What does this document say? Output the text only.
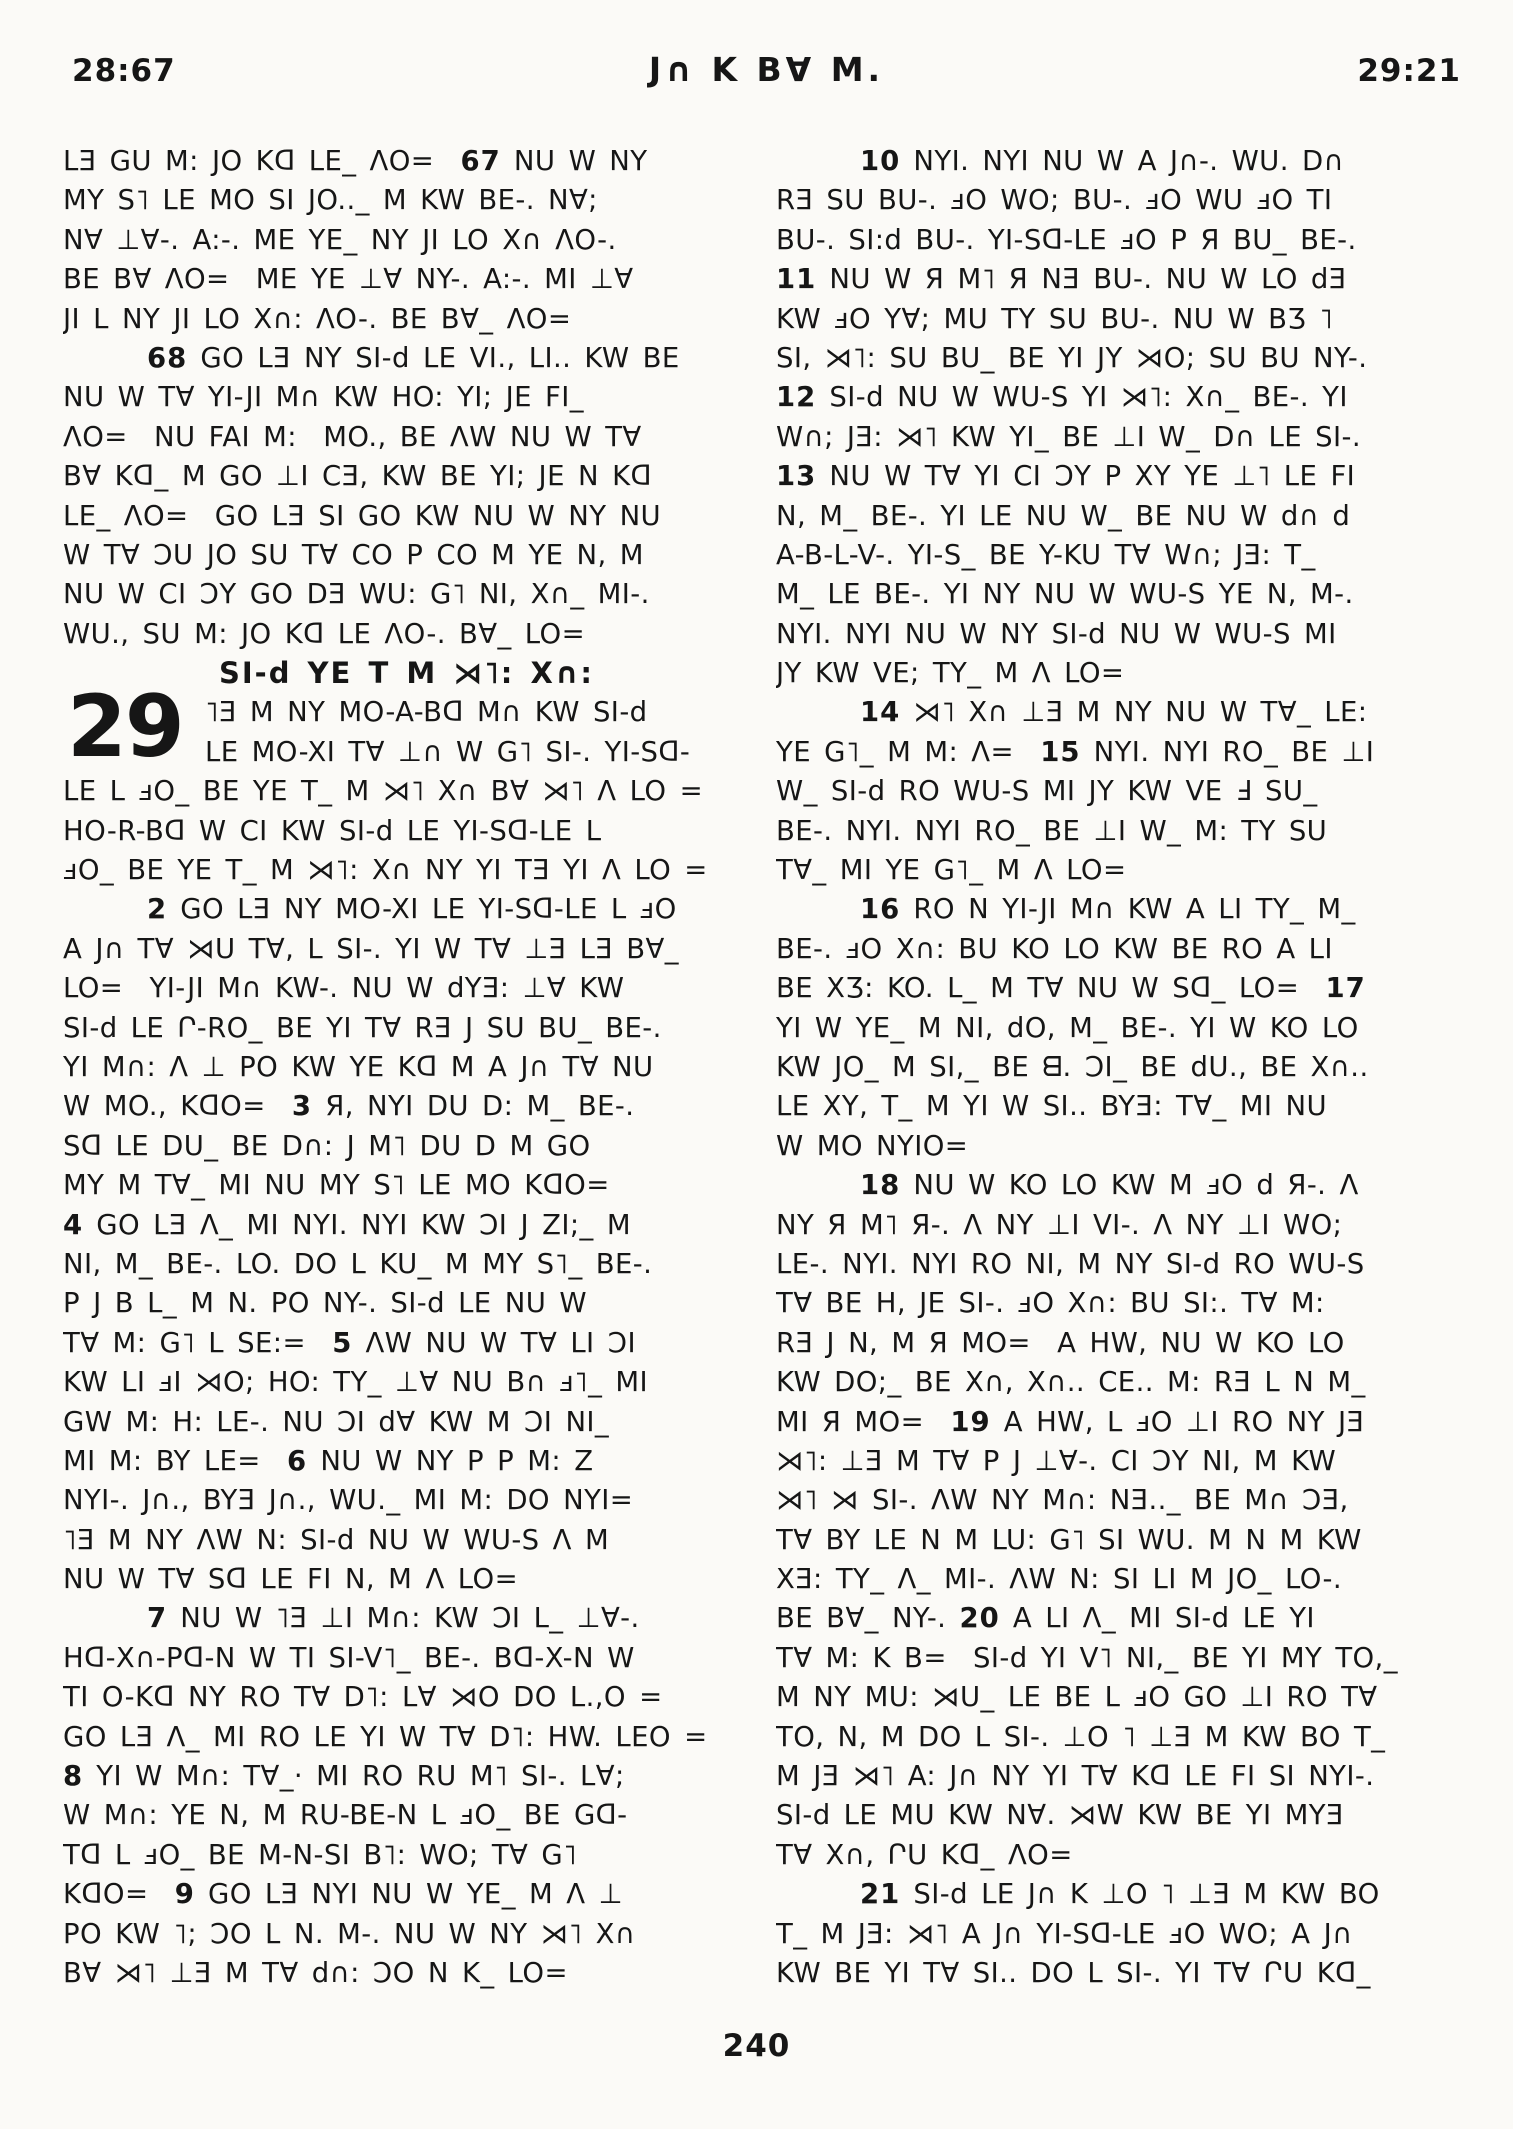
28:67	J∩ K B∀ M.	29:21
29
LƎ GU M: JO Kᗡ LE_ ΛO=  67 NU W NY
MY S˥ LE MO SI JO.._ M KW BE-. N∀;
N∀ ⊥∀-. A:-. ME YE_ NY JI LO X∩ ΛO-.
BE B∀ ΛO=  ME YE ⊥∀ NY-. A:-. MI ⊥∀
JI L NY JI LO X∩: ΛO-. BE B∀_ ΛO=
68 GO LƎ NY SI-d LE VI., LI.. KW BE
NU W T∀ YI-JI M∩ KW HO: YI; JE FI_
ΛO=  NU FAI M:  MO., BE ΛW NU W T∀
B∀ Kᗡ_ M GO ⊥I CƎ, KW BE YI; JE N Kᗡ
LE_ ΛO=  GO LƎ SI GO KW NU W NY NU
W T∀ ƆU JO SU T∀ CO P CO M YE N, M
NU W CI ƆY GO DƎ WU: G˥ NI, X∩_ MI-.
WU., SU M: JO Kᗡ LE ΛO-. B∀_ LO=
SI-d YE T M ⋊˥: X∩:
˥Ǝ M NY MO-A-Bᗡ M∩ KW SI-d
LE MO-XI T∀ ⊥∩ W G˥ SI-. YI-Sᗡ-
LE L ⅎO_ BE YE T_ M ⋊˥ X∩ B∀ ⋊˥ Λ LO =
HO-R-Bᗡ W CI KW SI-d LE YI-Sᗡ-LE L
ⅎO_ BE YE T_ M ⋊˥: X∩ NY YI TƎ YI Λ LO =
2 GO LƎ NY MO-XI LE YI-Sᗡ-LE L ⅎO
A J∩ T∀ ⋊U T∀, L SI-. YI W T∀ ⊥Ǝ LƎ B∀_
LO=  YI-JI M∩ KW-. NU W dYƎ: ⊥∀ KW
SI-d LE Ր-RO_ BE YI T∀ RƎ J SU BU_ BE-.
YI M∩: Λ ⊥ PO KW YE Kᗡ M A J∩ T∀ NU
W MO., KᗡO=  3 Я, NYI DU D: M_ BE-.
Sᗡ LE DU_ BE D∩: J M˥ DU D M GO
MY M T∀_ MI NU MY S˥ LE MO KᗡO=
4 GO LƎ Λ_ MI NYI. NYI KW ƆI J ZI;_ M
NI, M_ BE-. LO. DO L KU_ M MY S˥_ BE-.
P J B L_ M N. PO NY-. SI-d LE NU W
T∀ M: G˥ L SE:=  5 ΛW NU W T∀ LI ƆI
KW LI ⅎI ⋊O; HO: TY_ ⊥∀ NU B∩ ⅎ˥_ MI
GW M: H: LE-. NU ƆI d∀ KW M ƆI NI_
MI M: BY LE=  6 NU W NY P P M: Z
NYI-. J∩., BYƎ J∩., WU._ MI M: DO NYI=
˥Ǝ M NY ΛW N: SI-d NU W WU-S Λ M
NU W T∀ Sᗡ LE FI N, M Λ LO=
7 NU W ˥Ǝ ⊥I M∩: KW ƆI L_ ⊥∀-.
Hᗡ-X∩-Pᗡ-N W TI SI-V˥_ BE-. Bᗡ-X-N W
TI O-Kᗡ NY RO T∀ D˥: L∀ ⋊O DO L.,O =
GO LƎ Λ_ MI RO LE YI W T∀ D˥: HW. LEO =
8 YI W M∩: T∀_· MI RO RU M˥ SI-. L∀;
W M∩: YE N, M RU-BE-N L ⅎO_ BE Gᗡ-
Tᗡ L ⅎO_ BE M-N-SI B˥: WO; T∀ G˥
KᗡO=  9 GO LƎ NYI NU W YE_ M Λ ⊥
PO KW ˥; ƆO L N. M-. NU W NY ⋊˥ X∩
B∀ ⋊˥ ⊥Ǝ M T∀ d∩: ƆO N K_ LO=
10 NYI. NYI NU W A J∩-. WU. D∩
RƎ SU BU-. ⅎO WO; BU-. ⅎO WU ⅎO TI
BU-. SI:d BU-. YI-Sᗡ-LE ⅎO P Я BU_ BE-.
11 NU W Я M˥ Я NƎ BU-. NU W LO dƎ
KW ⅎO Y∀; MU TY SU BU-. NU W BƷ ˥
SI, ⋊˥: SU BU_ BE YI JY ⋊O; SU BU NY-.
12 SI-d NU W WU-S YI ⋊˥: X∩_ BE-. YI
W∩; JƎ: ⋊˥ KW YI_ BE ⊥I W_ D∩ LE SI-.
13 NU W T∀ YI CI ƆY P XY YE ⊥˥ LE FI
N, M_ BE-. YI LE NU W_ BE NU W d∩ d
A-B-L-V-. YI-S_ BE Y-KU T∀ W∩; JƎ: T_
M_ LE BE-. YI NY NU W WU-S YE N, M-.
NYI. NYI NU W NY SI-d NU W WU-S MI
JY KW VE; TY_ M Λ LO=
14 ⋊˥ X∩ ⊥Ǝ M NY NU W T∀_ LE:
YE G˥_ M M: Λ=  15 NYI. NYI RO_ BE ⊥I
W_ SI-d RO WU-S MI JY KW VE Ⅎ SU_
BE-. NYI. NYI RO_ BE ⊥I W_ M: TY SU
T∀_ MI YE G˥_ M Λ LO=
16 RO N YI-JI M∩ KW A LI TY_ M_
BE-. ⅎO X∩: BU KO LO KW BE RO A LI
BE XƷ: KO. L_ M T∀ NU W Sᗡ_ LO=  17
YI W YE_ M NI, dO, M_ BE-. YI W KO LO
KW JO_ M SI,_ BE ᗺ. ƆI_ BE dU., BE X∩..
LE XY, T_ M YI W SI.. BYƎ: T∀_ MI NU
W MO NYIO=
18 NU W KO LO KW M ⅎO d Я-. Λ
NY Я M˥ Я-. Λ NY ⊥I VI-. Λ NY ⊥I WO;
LE-. NYI. NYI RO NI, M NY SI-d RO WU-S
T∀ BE H, JE SI-. ⅎO X∩: BU SI:. T∀ M:
RƎ J N, M Я MO=  A HW, NU W KO LO
KW DO;_ BE X∩, X∩.. CE.. M: RƎ L N M_
MI Я MO=  19 A HW, L ⅎO ⊥I RO NY JƎ
⋊˥: ⊥Ǝ M T∀ P J ⊥∀-. CI ƆY NI, M KW
⋊˥ ⋊ SI-. ΛW NY M∩: NƎ.._ BE M∩ ƆƎ,
T∀ BY LE N M LU: G˥ SI WU. M N M KW
XƎ: TY_ Λ_ MI-. ΛW N: SI LI M JO_ LO-.
BE B∀_ NY-. 20 A LI Λ_ MI SI-d LE YI
T∀ M: K B=  SI-d YI V˥ NI,_ BE YI MY TO,_
M NY MU: ⋊U_ LE BE L ⅎO GO ⊥I RO T∀
TO, N, M DO L SI-. ⊥O ˥ ⊥Ǝ M KW BO T_
M JƎ ⋊˥ A: J∩ NY YI T∀ Kᗡ LE FI SI NYI-.
SI-d LE MU KW N∀. ⋊W KW BE YI MYƎ
T∀ X∩, ՐU Kᗡ_ ΛO=
21 SI-d LE J∩ K ⊥O ˥ ⊥Ǝ M KW BO
T_ M JƎ: ⋊˥ A J∩ YI-Sᗡ-LE ⅎO WO; A J∩
KW BE YI T∀ SI.. DO L SI-. YI T∀ ՐU Kᗡ_
240
